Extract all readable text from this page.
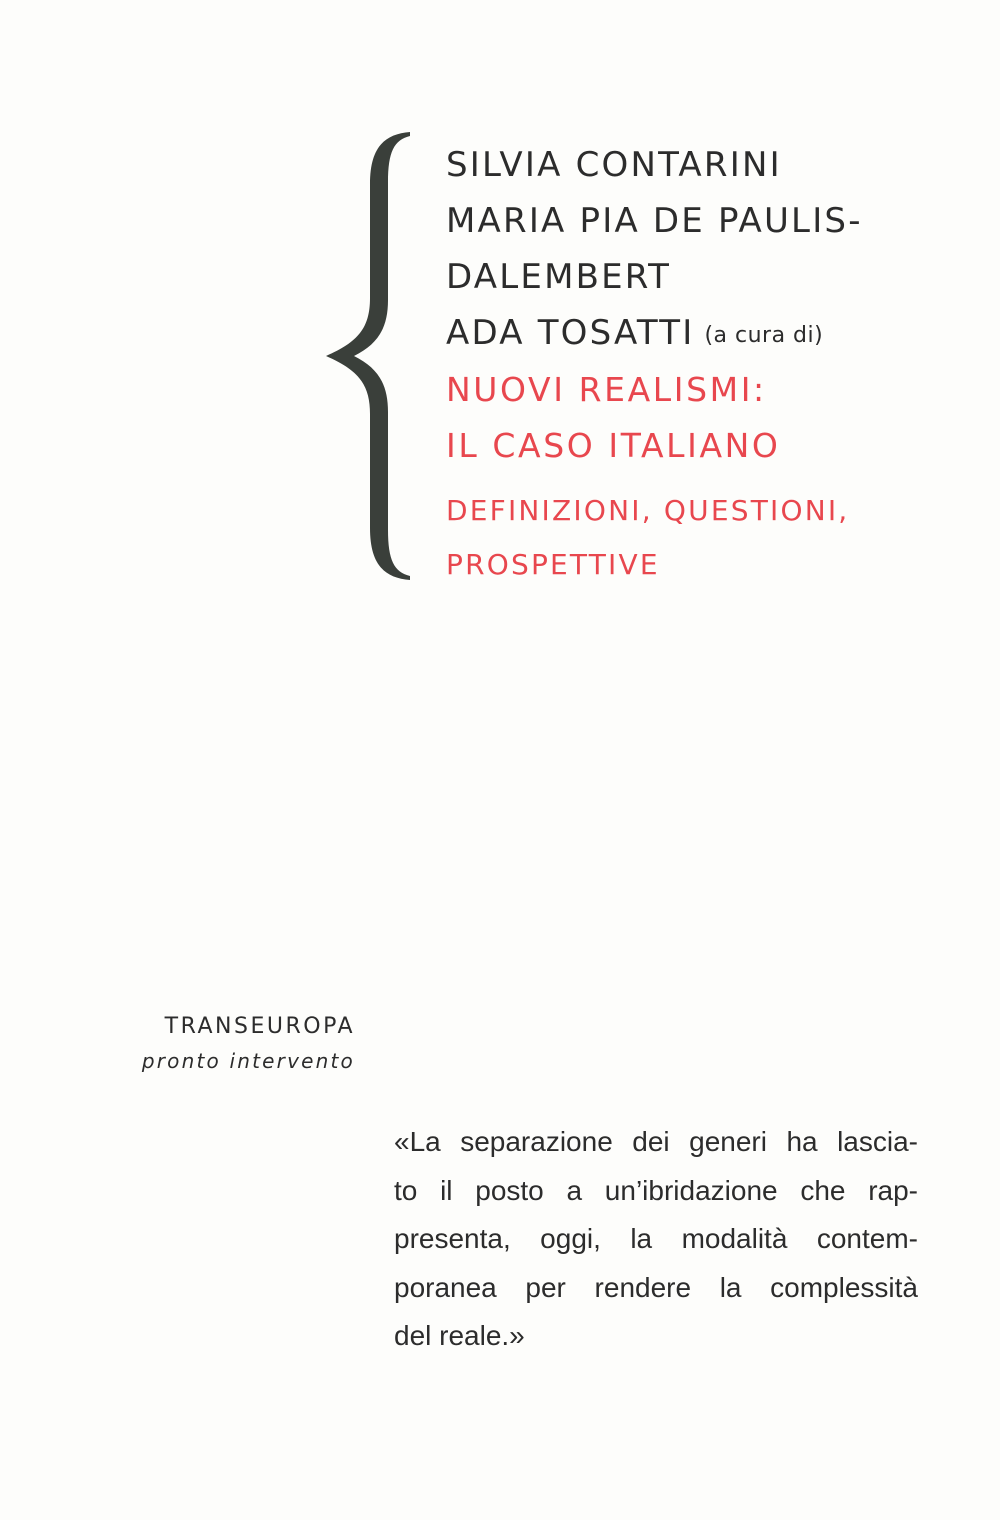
SILVIA CONTARINI
MARIA PIA DE PAULIS-
DALEMBERT
ADA TOSATTI (a cura di)
NUOVI REALISMI:
IL CASO ITALIANO
DEFINIZIONI, QUESTIONI,
PROSPETTIVE
TRANSEUROPA
pronto intervento
«La separazione dei generi ha lascia-
to il posto a un’ibridazione che rap-
presenta, oggi, la modalità contem-
poranea per rendere la complessità
del reale.»
